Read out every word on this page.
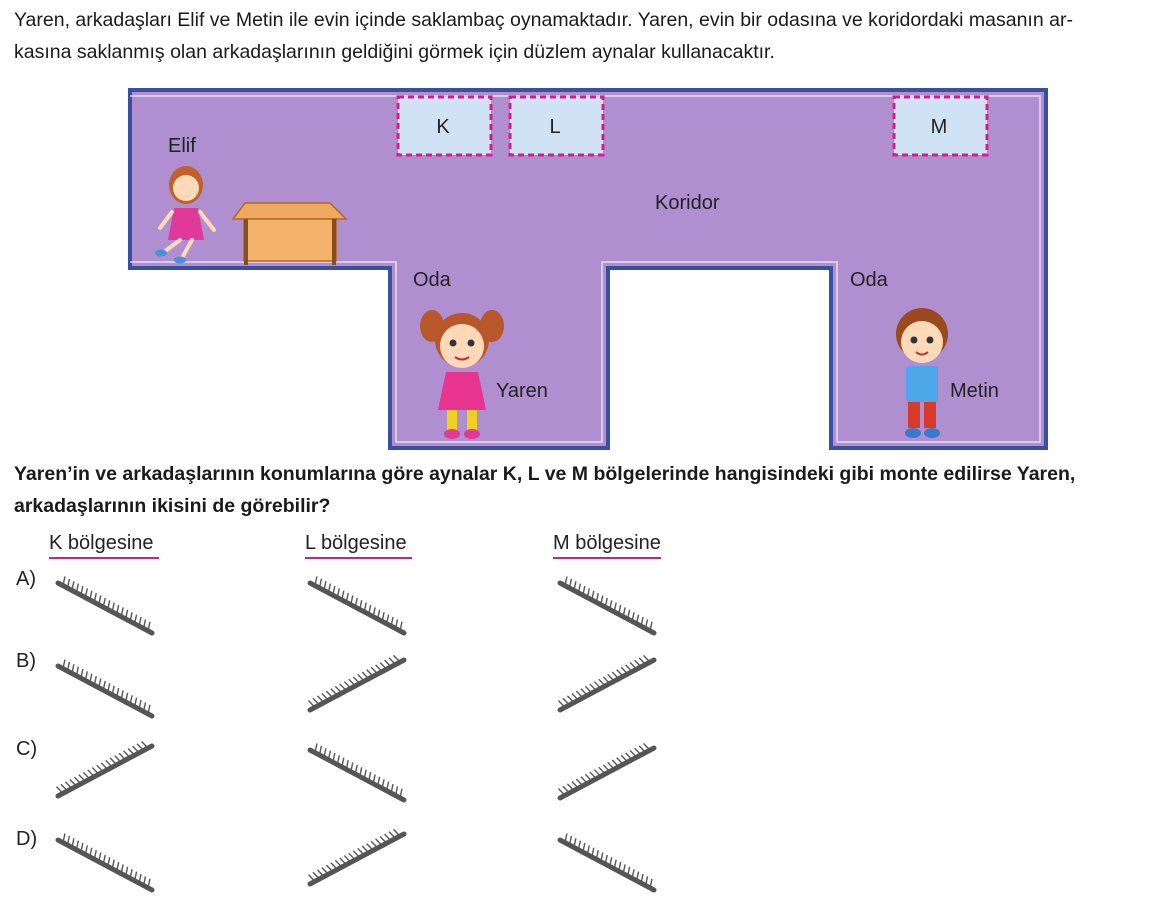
Yaren, arkadaşları Elif ve Metin ile evin içinde saklambaç oynamaktadır. Yaren, evin bir odasına ve koridordaki masanın ar-
kasına saklanmış olan arkadaşlarının geldiğini görmek için düzlem aynalar kullanacaktır.

K	L	M
Elif
Koridor
Oda	Oda
Yaren	Metin

Yaren’in ve arkadaşlarının konumlarına göre aynalar K, L ve M bölgelerinde hangisindeki gibi monte edilirse Yaren,
arkadaşlarının ikisini de görebilir?

K bölgesine	L bölgesine	M bölgesine
A)
B)
C)
D)
